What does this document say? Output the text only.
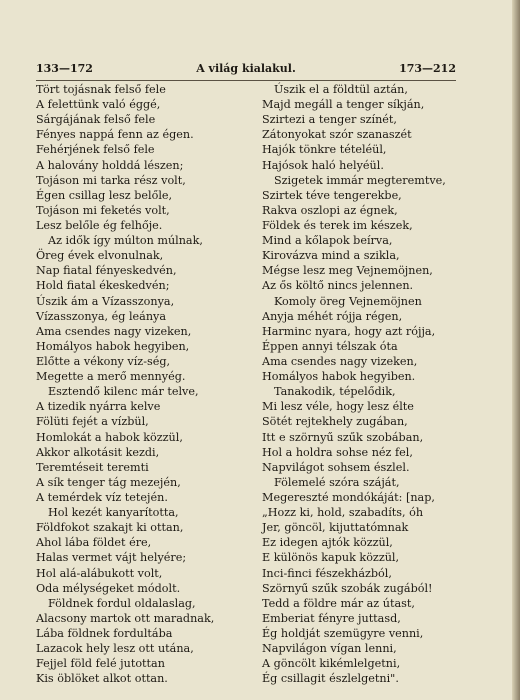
133—172	A világ kialakul.	173—212
Tört tojásnak felső fele
A felettünk való éggé,
Sárgájának felső fele
Fényes nappá fenn az égen.
Fehérjének felső fele
A halovány holddá lészen;
Tojáson mi tarka rész volt,
Égen csillag lesz belőle,
Tojáson mi feketés volt,
Lesz belőle ég felhője.
Az idők így múlton múlnak,
Öreg évek elvonulnak,
Nap fiatal fényeskedvén,
Hold fiatal ékeskedvén;
Úszik ám a Vízasszonya,
Vízasszonya, ég leánya
Ama csendes nagy vizeken,
Homályos habok hegyiben,
Előtte a vékony víz-ség,
Megette a merő mennyég.
Esztendő kilenc már telve,
A tizedik nyárra kelve
Fölüti fejét a vízbül,
Homlokát a habok közzül,
Akkor alkotásit kezdi,
Teremtéseit teremti
A sík tenger tág mezején,
A temérdek víz tetején.
Hol kezét kanyarította,
Földfokot szakajt ki ottan,
Ahol lába földet ére,
Halas vermet vájt helyére;
Hol alá-alábukott volt,
Oda mélységeket módolt.
Földnek fordul oldalaslag,
Alacsony martok ott maradnak,
Lába földnek fordultába
Lazacok hely lesz ott utána,
Fejjel föld felé jutottan
Kis öblöket alkot ottan.
Úszik el a földtül aztán,
Majd megáll a tenger síkján,
Szirtezi a tenger színét,
Zátonyokat szór szanaszét
Hajók tönkre tételéül,
Hajósok haló helyéül.
Szigetek immár megteremtve,
Szirtek téve tengerekbe,
Rakva oszlopi az égnek,
Földek és terek im készek,
Mind a kőlapok beírva,
Kirovázva mind a szikla,
Mégse lesz meg Vejnemöjnen,
Az ős költő nincs jelennen.
Komoly öreg Vejnemöjnen
Anyja méhét rójja régen,
Harminc nyara, hogy azt rójja,
Éppen annyi télszak óta
Ama csendes nagy vizeken,
Homályos habok hegyiben.
Tanakodik, tépelődik,
Mi lesz véle, hogy lesz élte
Sötét rejtekhely zugában,
Itt e szörnyű szűk szobában,
Hol a holdra sohse néz fel,
Napvilágot sohsem észlel.
Fölemelé szóra száját,
Megereszté mondókáját: [nap,
„Hozz ki, hold, szabadíts, óh
Jer, göncöl, kijuttatómnak
Ez idegen ajtók közzül,
E különös kapuk közzül,
Inci-finci fészekházból,
Szörnyű szűk szobák zugából!
Tedd a földre már az útast,
Emberiat fényre juttasd,
Ég holdját szemügyre venni,
Napvilágon vígan lenni,
A göncölt kikémlelgetni,
Ég csillagit észlelgetni".
